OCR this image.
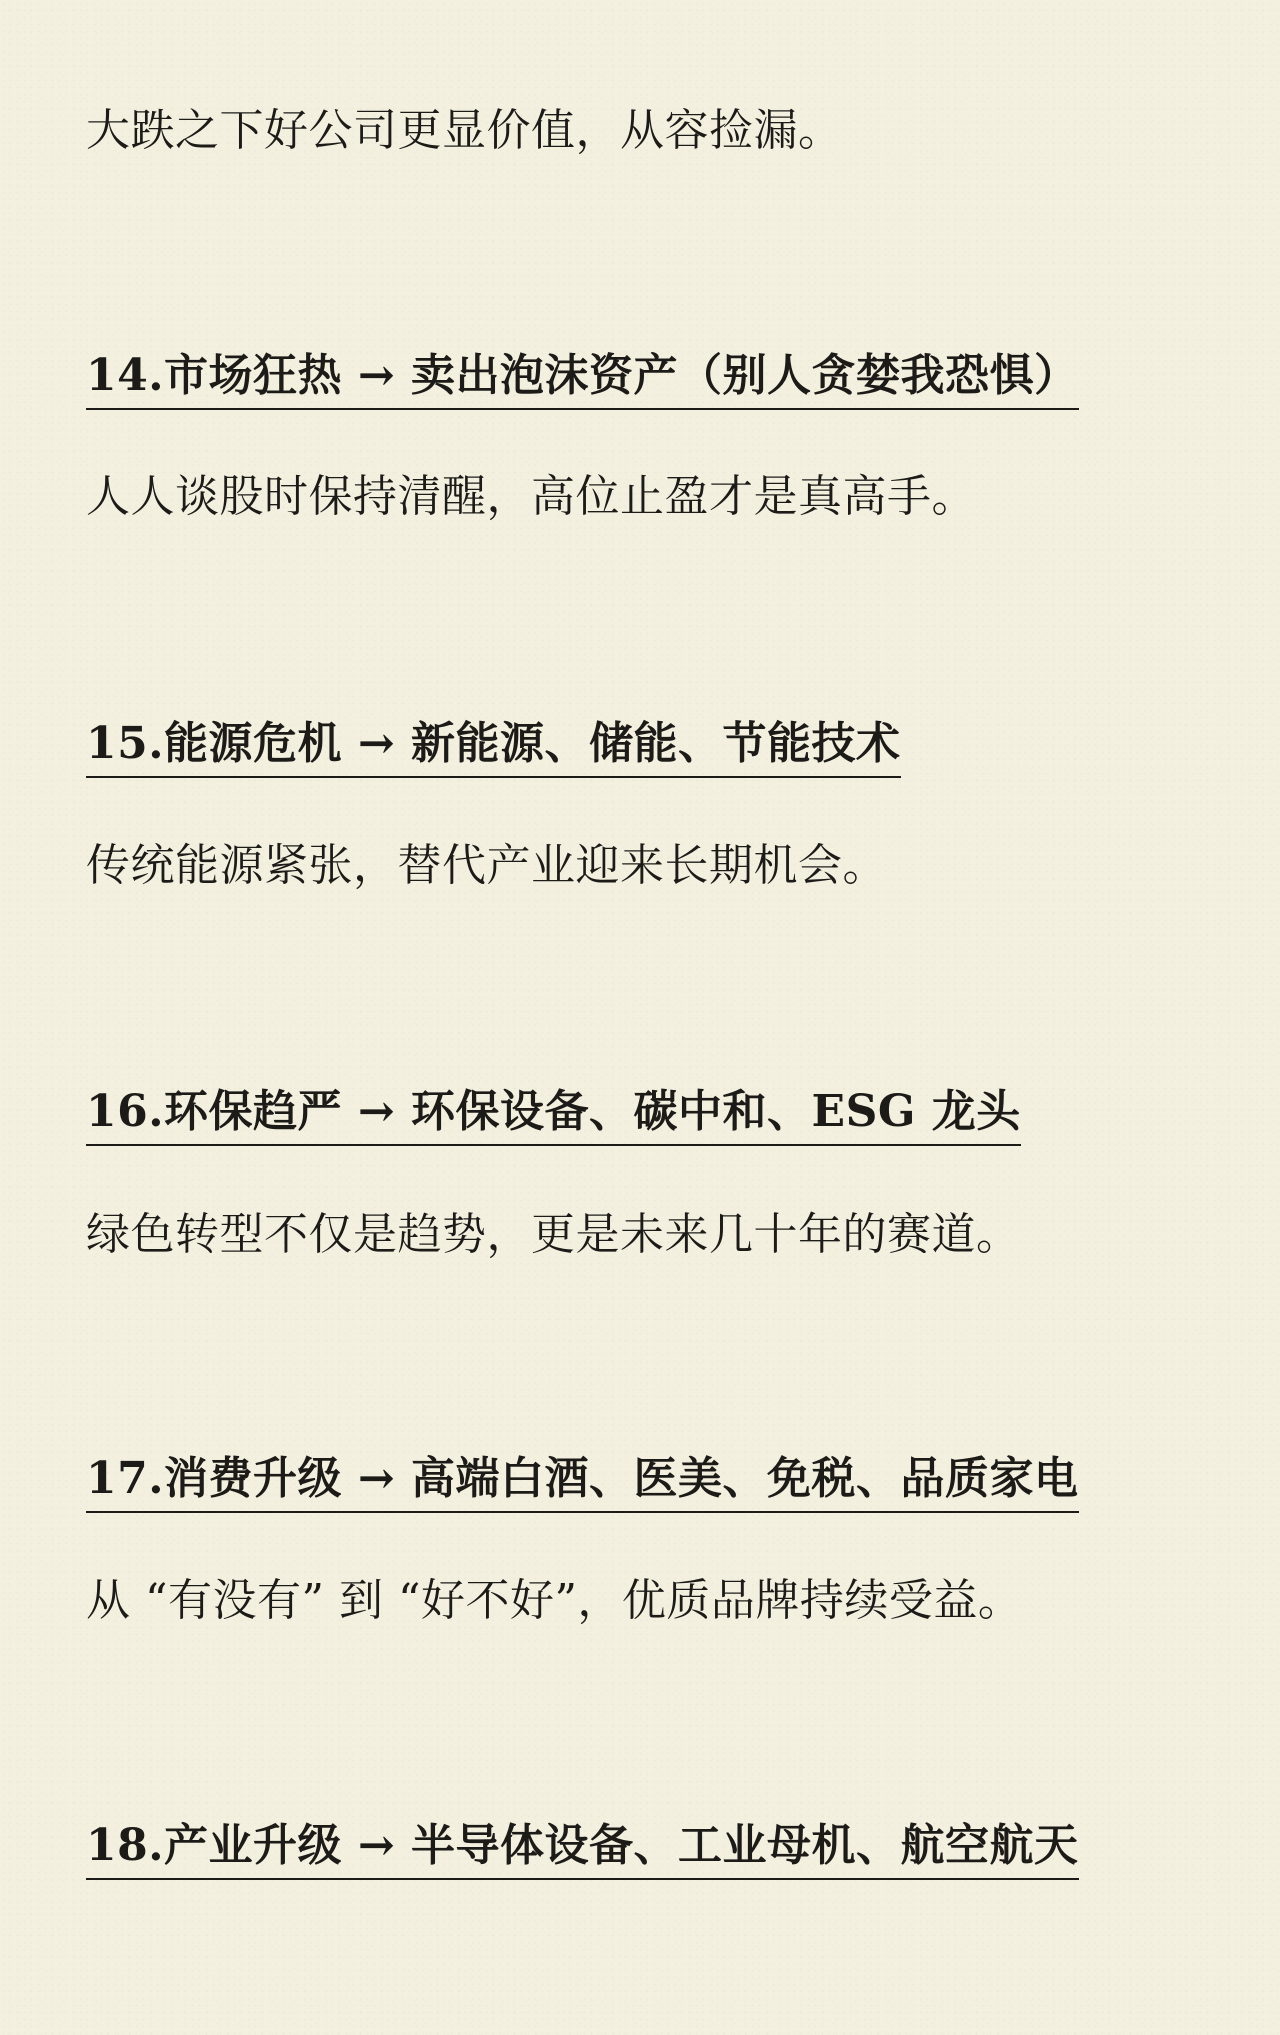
大跌之下好公司更显价值，从容捡漏。

14.市场狂热 → 卖出泡沫资产（别人贪婪我恐惧）

人人谈股时保持清醒，高位止盈才是真高手。

15.能源危机 → 新能源、储能、节能技术

传统能源紧张，替代产业迎来长期机会。

16.环保趋严 → 环保设备、碳中和、ESG 龙头

绿色转型不仅是趋势，更是未来几十年的赛道。

17.消费升级 → 高端白酒、医美、免税、品质家电

从 “有没有” 到 “好不好”，优质品牌持续受益。

18.产业升级 → 半导体设备、工业母机、航空航天
